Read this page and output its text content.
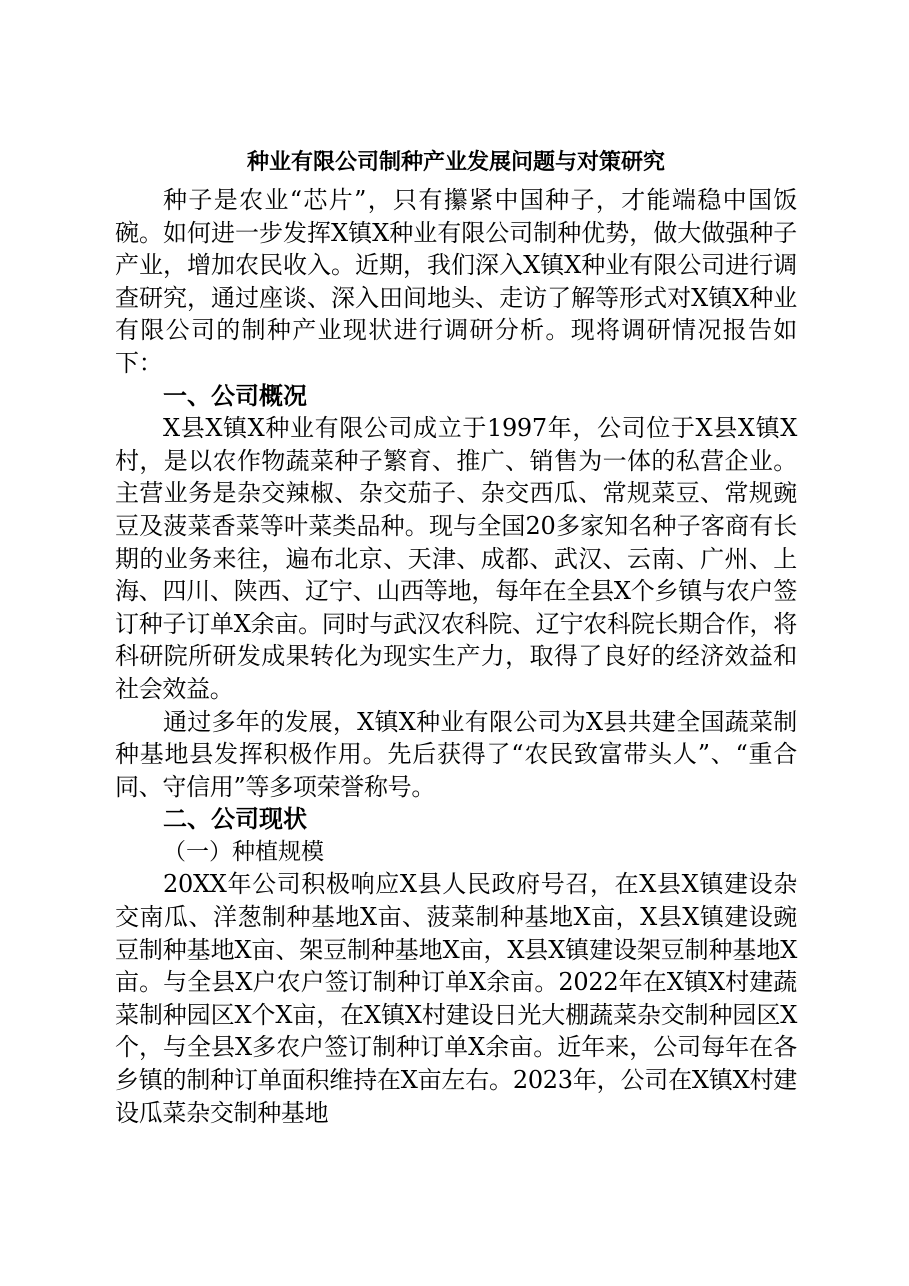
种业有限公司制种产业发展问题与对策研究

种子是农业“芯片”，只有攥紧中国种子，才能端稳中国饭碗。如何进一步发挥X镇X种业有限公司制种优势，做大做强种子产业，增加农民收入。近期，我们深入X镇X种业有限公司进行调查研究，通过座谈、深入田间地头、走访了解等形式对X镇X种业有限公司的制种产业现状进行调研分析。现将调研情况报告如下：

一、公司概况

X县X镇X种业有限公司成立于1997年，公司位于X县X镇X村，是以农作物蔬菜种子繁育、推广、销售为一体的私营企业。主营业务是杂交辣椒、杂交茄子、杂交西瓜、常规菜豆、常规豌豆及菠菜香菜等叶菜类品种。现与全国20多家知名种子客商有长期的业务来往，遍布北京、天津、成都、武汉、云南、广州、上海、四川、陕西、辽宁、山西等地，每年在全县X个乡镇与农户签订种子订单X余亩。同时与武汉农科院、辽宁农科院长期合作，将科研院所研发成果转化为现实生产力，取得了良好的经济效益和社会效益。

通过多年的发展，X镇X种业有限公司为X县共建全国蔬菜制种基地县发挥积极作用。先后获得了“农民致富带头人”、“重合同、守信用”等多项荣誉称号。

二、公司现状
（一）种植规模

20XX年公司积极响应X县人民政府号召，在X县X镇建设杂交南瓜、洋葱制种基地X亩、菠菜制种基地X亩，X县X镇建设豌豆制种基地X亩、架豆制种基地X亩，X县X镇建设架豆制种基地X亩。与全县X户农户签订制种订单X余亩。2022年在X镇X村建蔬菜制种园区X个X亩，在X镇X村建设日光大棚蔬菜杂交制种园区X个，与全县X多农户签订制种订单X余亩。近年来，公司每年在各乡镇的制种订单面积维持在X亩左右。2023年，公司在X镇X村建设瓜菜杂交制种基地
